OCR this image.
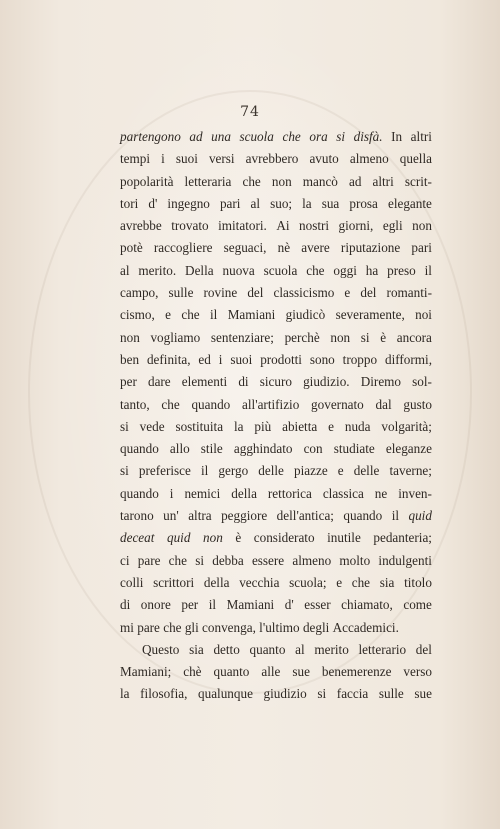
74
partengono ad una scuola che ora si disfà. In altri
tempi i suoi versi avrebbero avuto almeno quella
popolarità letteraria che non mancò ad altri scrit-
tori d' ingegno pari al suo; la sua prosa elegante
avrebbe trovato imitatori. Ai nostri giorni, egli non
potè raccogliere seguaci, nè avere riputazione pari
al merito. Della nuova scuola che oggi ha preso il
campo, sulle rovine del classicismo e del romanti-
cismo, e che il Mamiani giudicò severamente, noi
non vogliamo sentenziare; perchè non si è ancora
ben definita, ed i suoi prodotti sono troppo difformi,
per dare elementi di sicuro giudizio. Diremo sol-
tanto, che quando all'artifizio governato dal gusto
si vede sostituita la più abietta e nuda volgarità;
quando allo stile agghindato con studiate eleganze
si preferisce il gergo delle piazze e delle taverne;
quando i nemici della rettorica classica ne inven-
tarono un' altra peggiore dell'antica; quando il quid
deceat quid non è considerato inutile pedanteria;
ci pare che si debba essere almeno molto indulgenti
colli scrittori della vecchia scuola; e che sia titolo
di onore per il Mamiani d' esser chiamato, come
mi pare che gli convenga, l'ultimo degli Accademici.
Questo sia detto quanto al merito letterario del
Mamiani; chè quanto alle sue benemerenze verso
la filosofia, qualunque giudizio si faccia sulle sue
